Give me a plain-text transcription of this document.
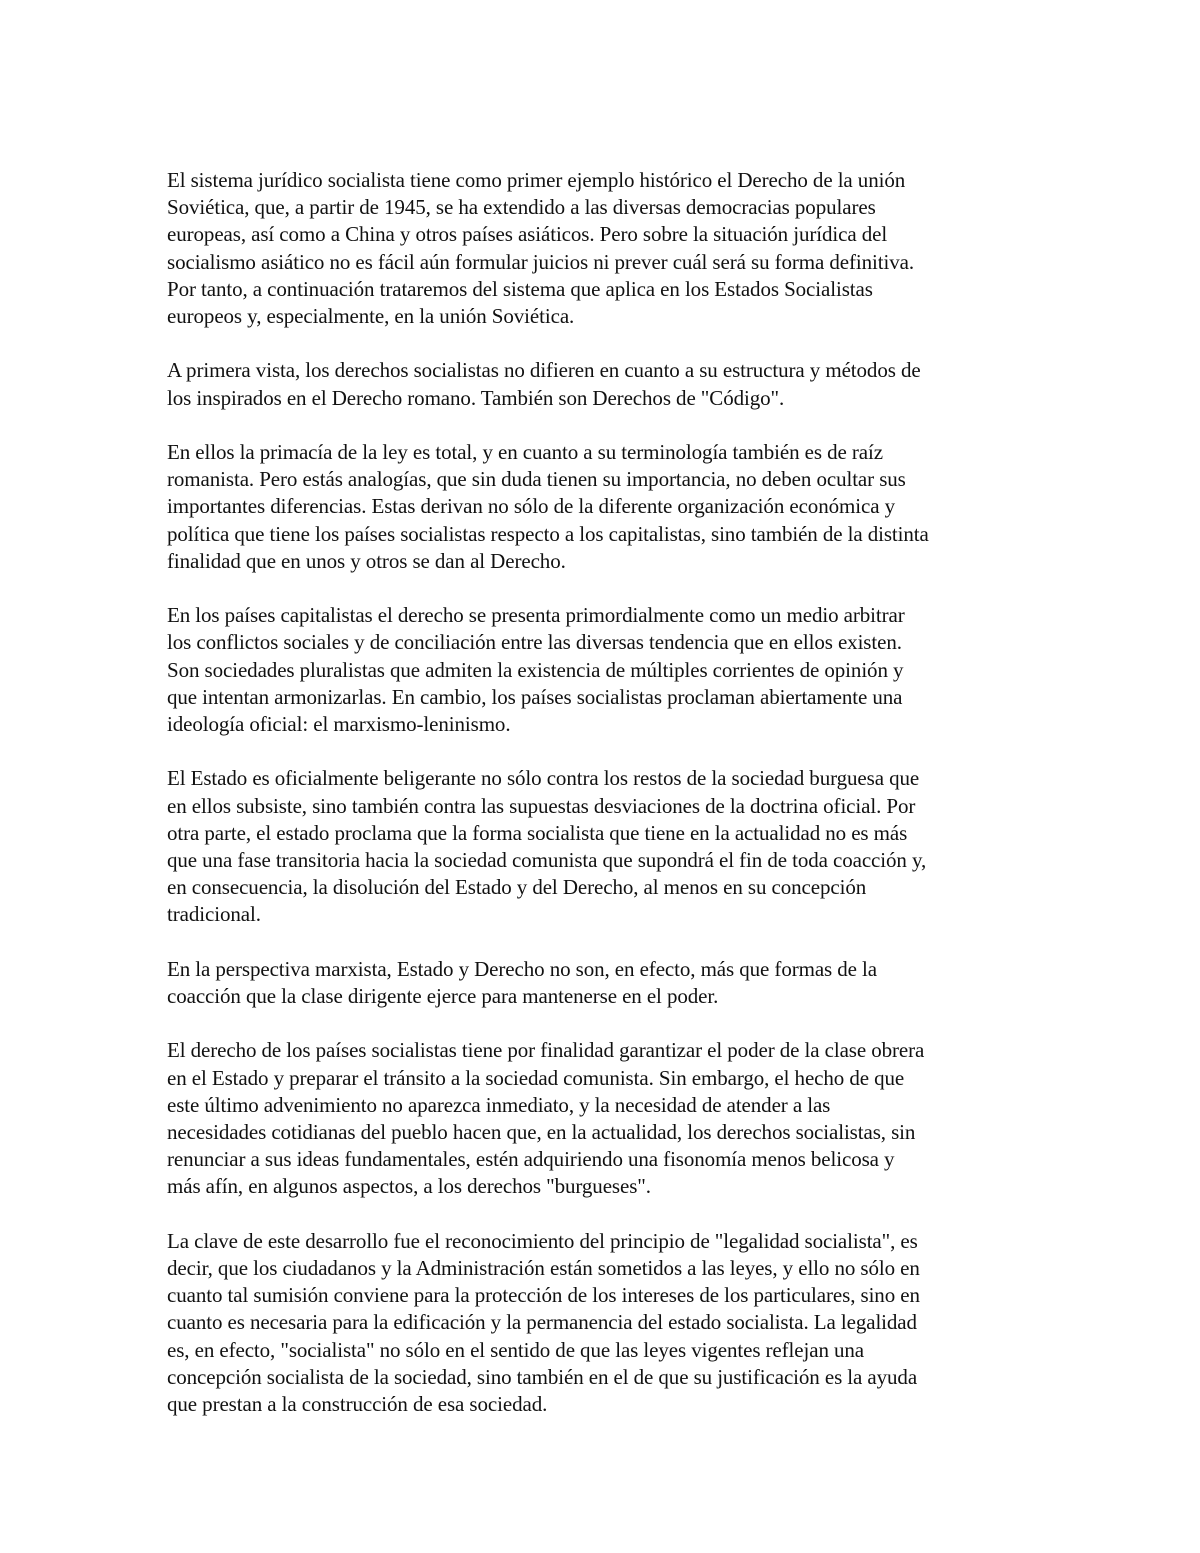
El sistema jurídico socialista tiene como primer ejemplo histórico el Derecho de la unión
Soviética, que, a partir de 1945, se ha extendido a las diversas democracias populares
europeas, así como a China y otros países asiáticos. Pero sobre la situación jurídica del
socialismo asiático no es fácil aún formular juicios ni prever cuál será su forma definitiva.
Por tanto, a continuación trataremos del sistema que aplica en los Estados Socialistas
europeos y, especialmente, en la unión Soviética.

A primera vista, los derechos socialistas no difieren en cuanto a su estructura y métodos de
los inspirados en el Derecho romano. También son Derechos de "Código".

En ellos la primacía de la ley es total, y en cuanto a su terminología también es de raíz
romanista. Pero estás analogías, que sin duda tienen su importancia, no deben ocultar sus
importantes diferencias. Estas derivan no sólo de la diferente organización económica y
política que tiene los países socialistas respecto a los capitalistas, sino también de la distinta
finalidad que en unos y otros se dan al Derecho.

En los países capitalistas el derecho se presenta primordialmente como un medio arbitrar
los conflictos sociales y de conciliación entre las diversas tendencia que en ellos existen.
Son sociedades pluralistas que admiten la existencia de múltiples corrientes de opinión y
que intentan armonizarlas. En cambio, los países socialistas proclaman abiertamente una
ideología oficial: el marxismo-leninismo.

El Estado es oficialmente beligerante no sólo contra los restos de la sociedad burguesa que
en ellos subsiste, sino también contra las supuestas desviaciones de la doctrina oficial. Por
otra parte, el estado proclama que la forma socialista que tiene en la actualidad no es más
que una fase transitoria hacia la sociedad comunista que supondrá el fin de toda coacción y,
en consecuencia, la disolución del Estado y del Derecho, al menos en su concepción
tradicional.

En la perspectiva marxista, Estado y Derecho no son, en efecto, más que formas de la
coacción que la clase dirigente ejerce para mantenerse en el poder.

El derecho de los países socialistas tiene por finalidad garantizar el poder de la clase obrera
en el Estado y preparar el tránsito a la sociedad comunista. Sin embargo, el hecho de que
este último advenimiento no aparezca inmediato, y la necesidad de atender a las
necesidades cotidianas del pueblo hacen que, en la actualidad, los derechos socialistas, sin
renunciar a sus ideas fundamentales, estén adquiriendo una fisonomía menos belicosa y
más afín, en algunos aspectos, a los derechos "burgueses".

La clave de este desarrollo fue el reconocimiento del principio de "legalidad socialista", es
decir, que los ciudadanos y la Administración están sometidos a las leyes, y ello no sólo en
cuanto tal sumisión conviene para la protección de los intereses de los particulares, sino en
cuanto es necesaria para la edificación y la permanencia del estado socialista. La legalidad
es, en efecto, "socialista" no sólo en el sentido de que las leyes vigentes reflejan una
concepción socialista de la sociedad, sino también en el de que su justificación es la ayuda
que prestan a la construcción de esa sociedad.
